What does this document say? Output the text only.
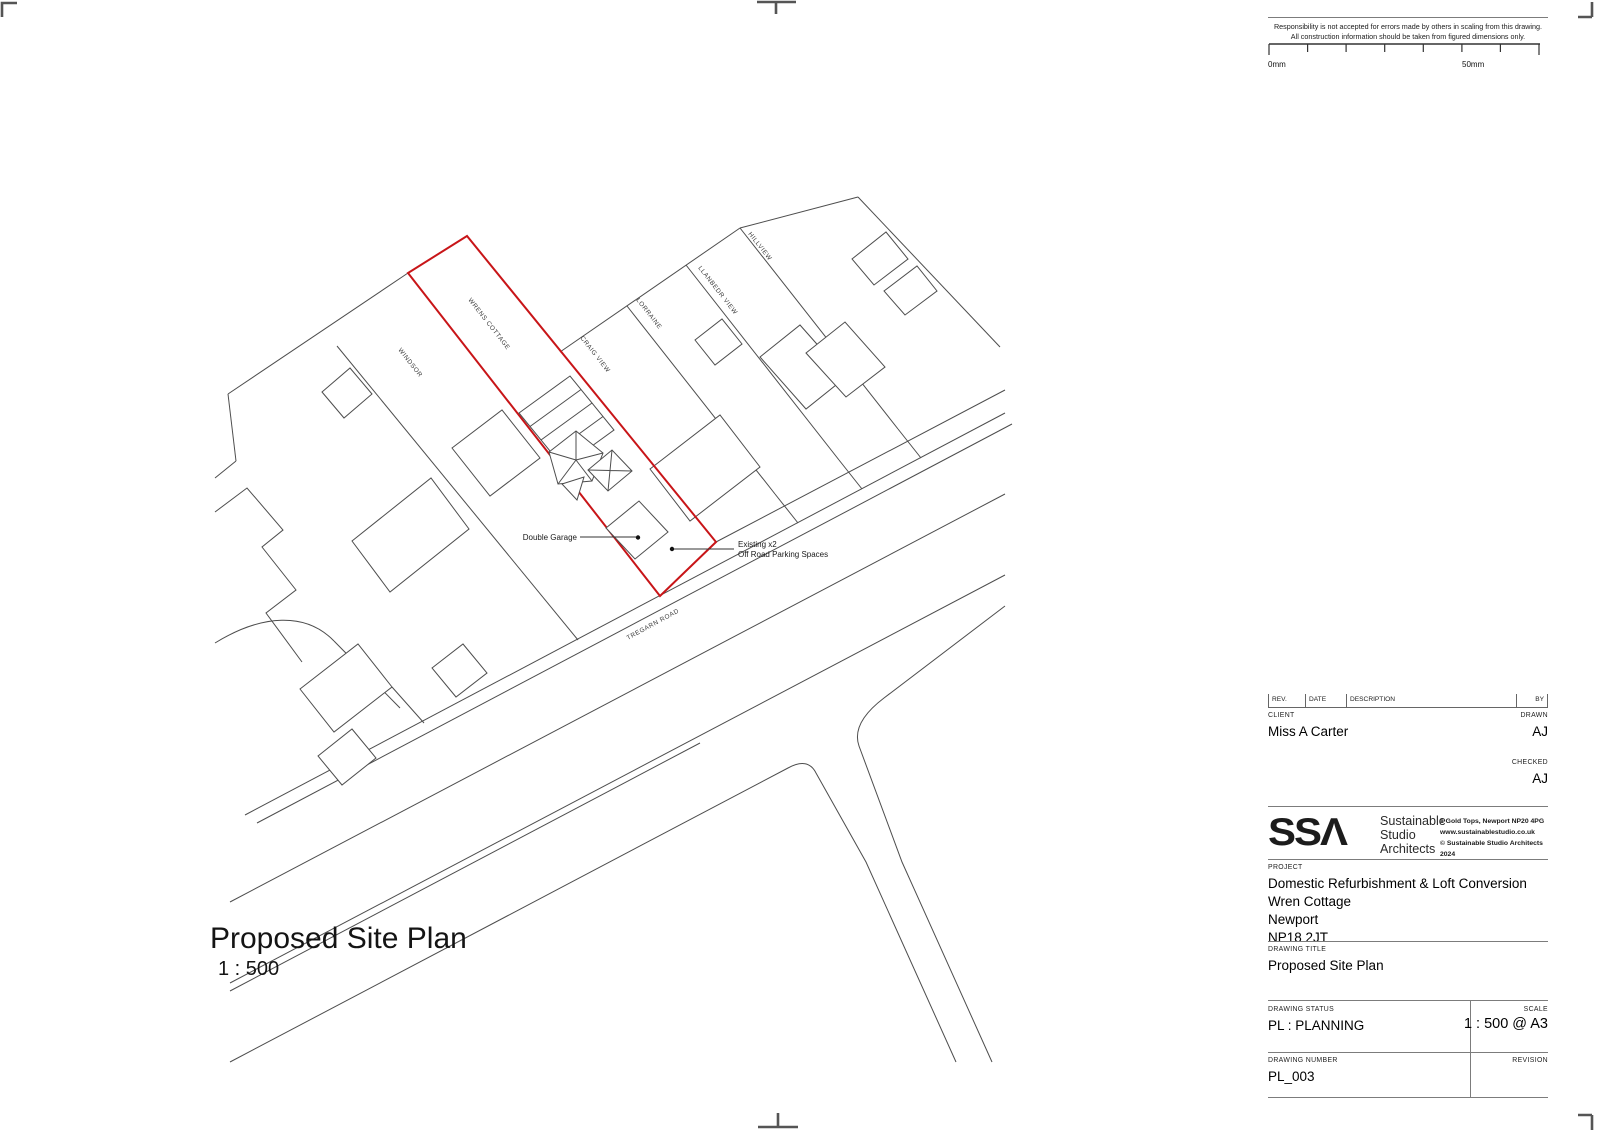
WRENS COTTAGE
WINDSOR	CRAIG VIEW
LORRAINE	LLANBEDR VIEW
HILLVIEW
TREGARN ROAD
Double Garage
Existing x2
Off Road Parking Spaces
Proposed Site Plan
1 : 500
Responsibility is not accepted for errors made by others in scaling from this drawing.
All construction information should be taken from figured dimensions only.
0mm	50mm
REV.	DATE	DESCRIPTION	BY
CLIENT
Miss A Carter
DRAWN
AJ
CHECKED
AJ
SSΛ	Sustainable
Studio
Architects
1 Gold Tops, Newport NP20 4PG
www.sustainablestudio.co.uk
© Sustainable Studio Architects 2024
PROJECT
Domestic Refurbishment & Loft Conversion
Wren Cottage
Newport
NP18 2JT
DRAWING TITLE
Proposed Site Plan
DRAWING STATUS
PL : PLANNING
SCALE
1 : 500 @ A3
DRAWING NUMBER
PL_003
REVISION
